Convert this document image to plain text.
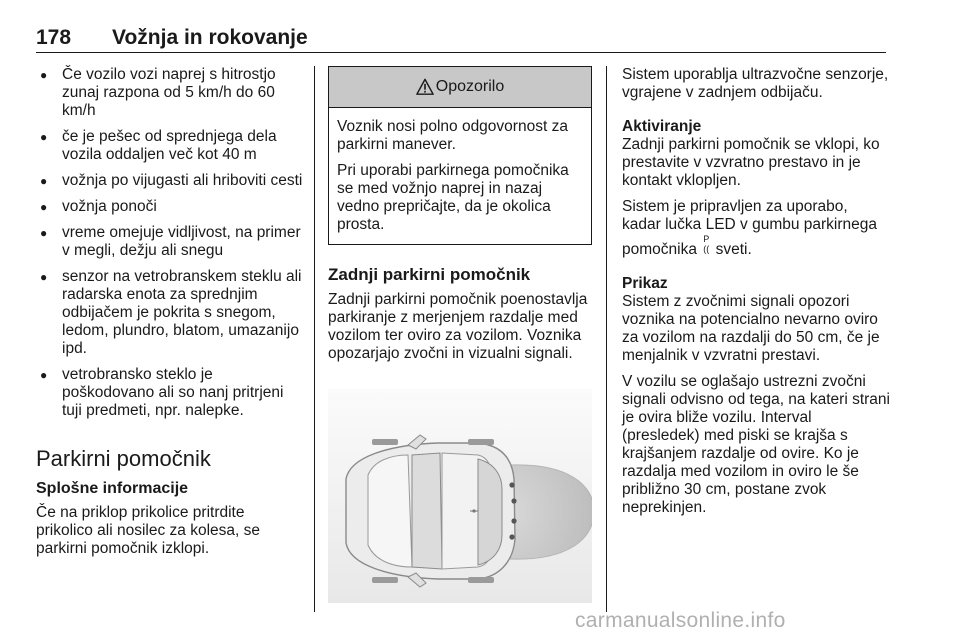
178 Vožnja in rokovanje
● Če vozilo vozi naprej s hitrostjo zunaj razpona od 5 km/h do 60 km/h
● če je pešec od sprednjega dela vozila oddaljen več kot 40 m
● vožnja po vijugasti ali hriboviti cesti
● vožnja ponoči
● vreme omejuje vidljivost, na primer v megli, dežju ali snegu
● senzor na vetrobranskem steklu ali radarska enota za sprednjim odbijačem je pokrita s snegom, ledom, plundro, blatom, umazanijo ipd.
● vetrobransko steklo je poškodovano ali so nanj pritrjeni tuji predmeti, npr. nalepke.
Parkirni pomočnik
Splošne informacije

Če na priklop prikolice pritrdite prikolico ali nosilec za kolesa, se parkirni pomočnik izklopi.

Opozorilo

Voznik nosi polno odgovornost za parkirni manever.

Pri uporabi parkirnega pomočnika se med vožnjo naprej in nazaj vedno prepričajte, da je okolica prosta.

Zadnji parkirni pomočnik

Zadnji parkirni pomočnik poenostavlja parkiranje z merjenjem razdalje med vozilom ter oviro za vozilom. Voznika opozarjajo zvočni in vizualni signali.

Sistem uporablja ultrazvočne senzorje, vgrajene v zadnjem odbijaču.

Aktiviranje

Zadnji parkirni pomočnik se vklopi, ko prestavite v vzvratno prestavo in je kontakt vklopljen.

Sistem je pripravljen za uporabo, kadar lučka LED v gumbu parkirnega pomočnika P
(( sveti.

Prikaz

Sistem z zvočnimi signali opozori voznika na potencialno nevarno oviro za vozilom na razdalji do 50 cm, če je menjalnik v vzvratni prestavi.

V vozilu se oglašajo ustrezni zvočni signali odvisno od tega, na kateri strani je ovira bliže vozilu. Interval (presledek) med piski se krajša s krajšanjem razdalje od ovire. Ko je razdalja med vozilom in oviro le še približno 30 cm, postane zvok neprekinjen.

carmanualsonline.info
